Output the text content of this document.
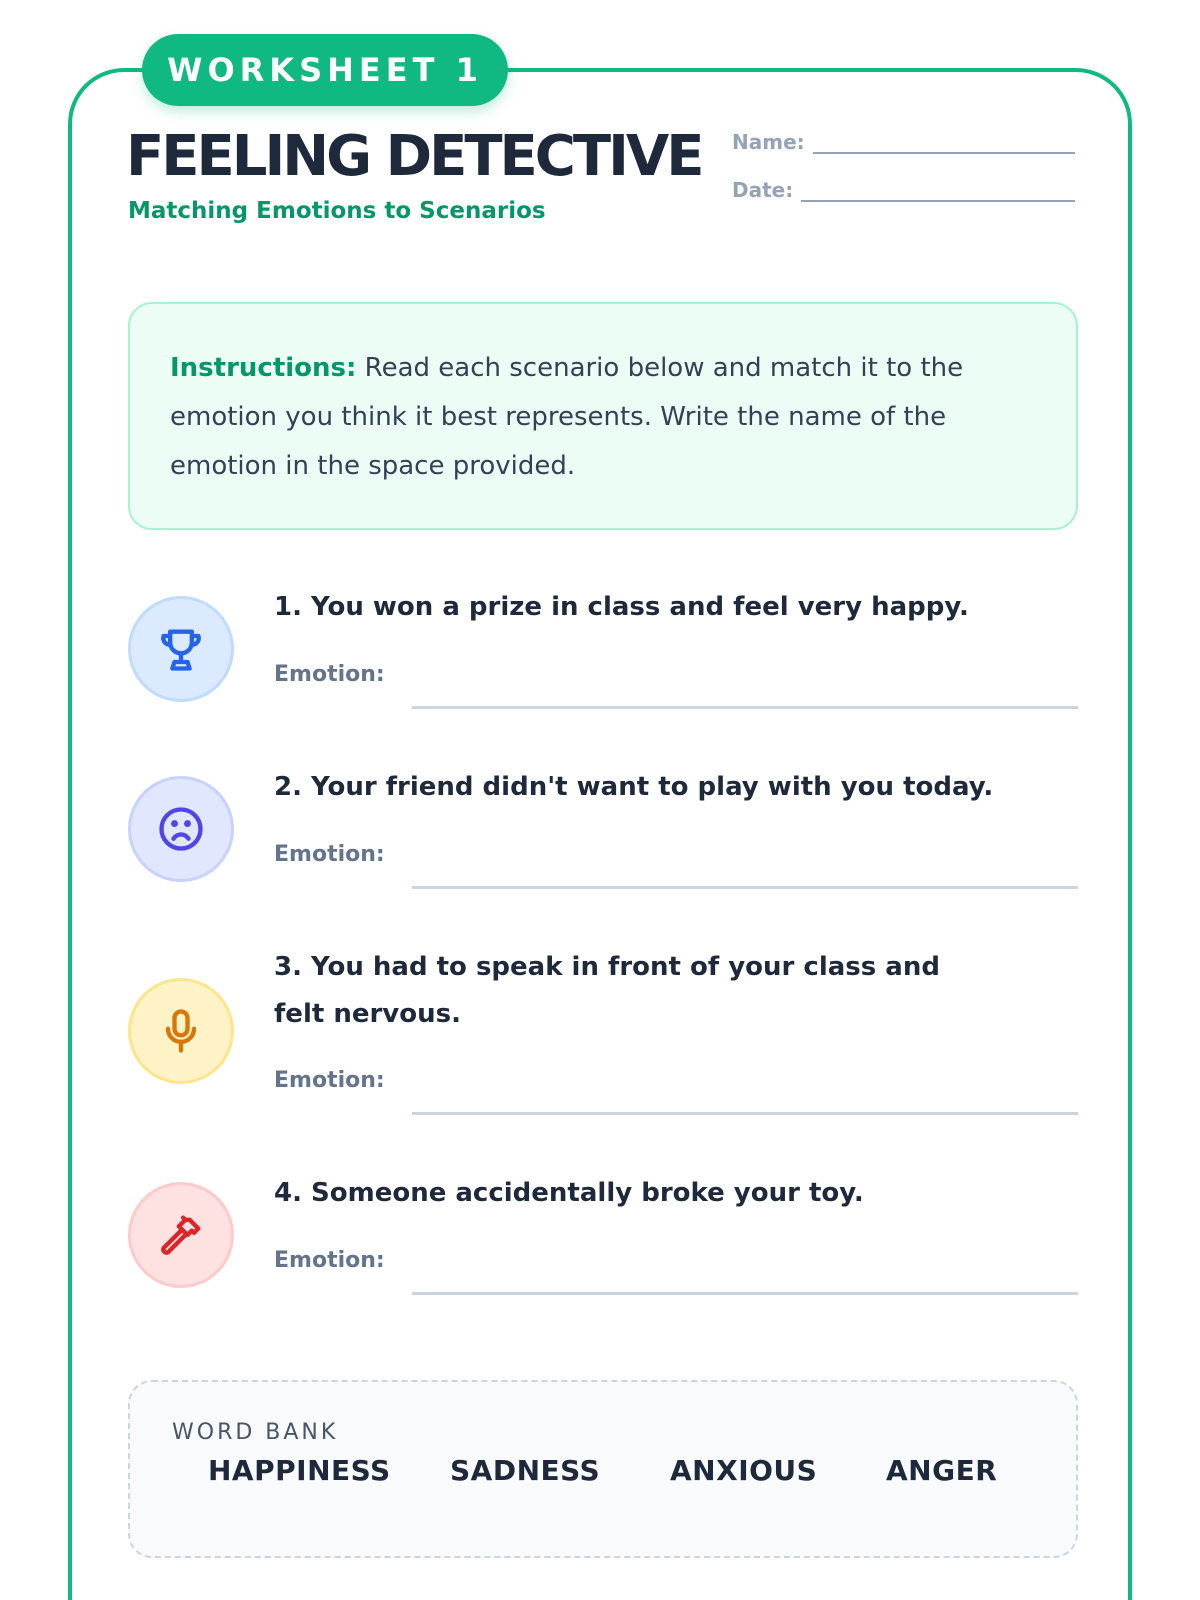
WORKSHEET 1
FEELING DETECTIVE
Matching Emotions to Scenarios
Name:
Date:
Instructions: Read each scenario below and match it to the emotion you think it best represents. Write the name of the emotion in the space provided.
1. You won a prize in class and feel very happy.
Emotion:
2. Your friend didn't want to play with you today.
Emotion:
3. You had to speak in front of your class and felt nervous.
Emotion:
4. Someone accidentally broke your toy.
Emotion:
WORD BANK
HAPPINESS SADNESS ANXIOUS ANGER
